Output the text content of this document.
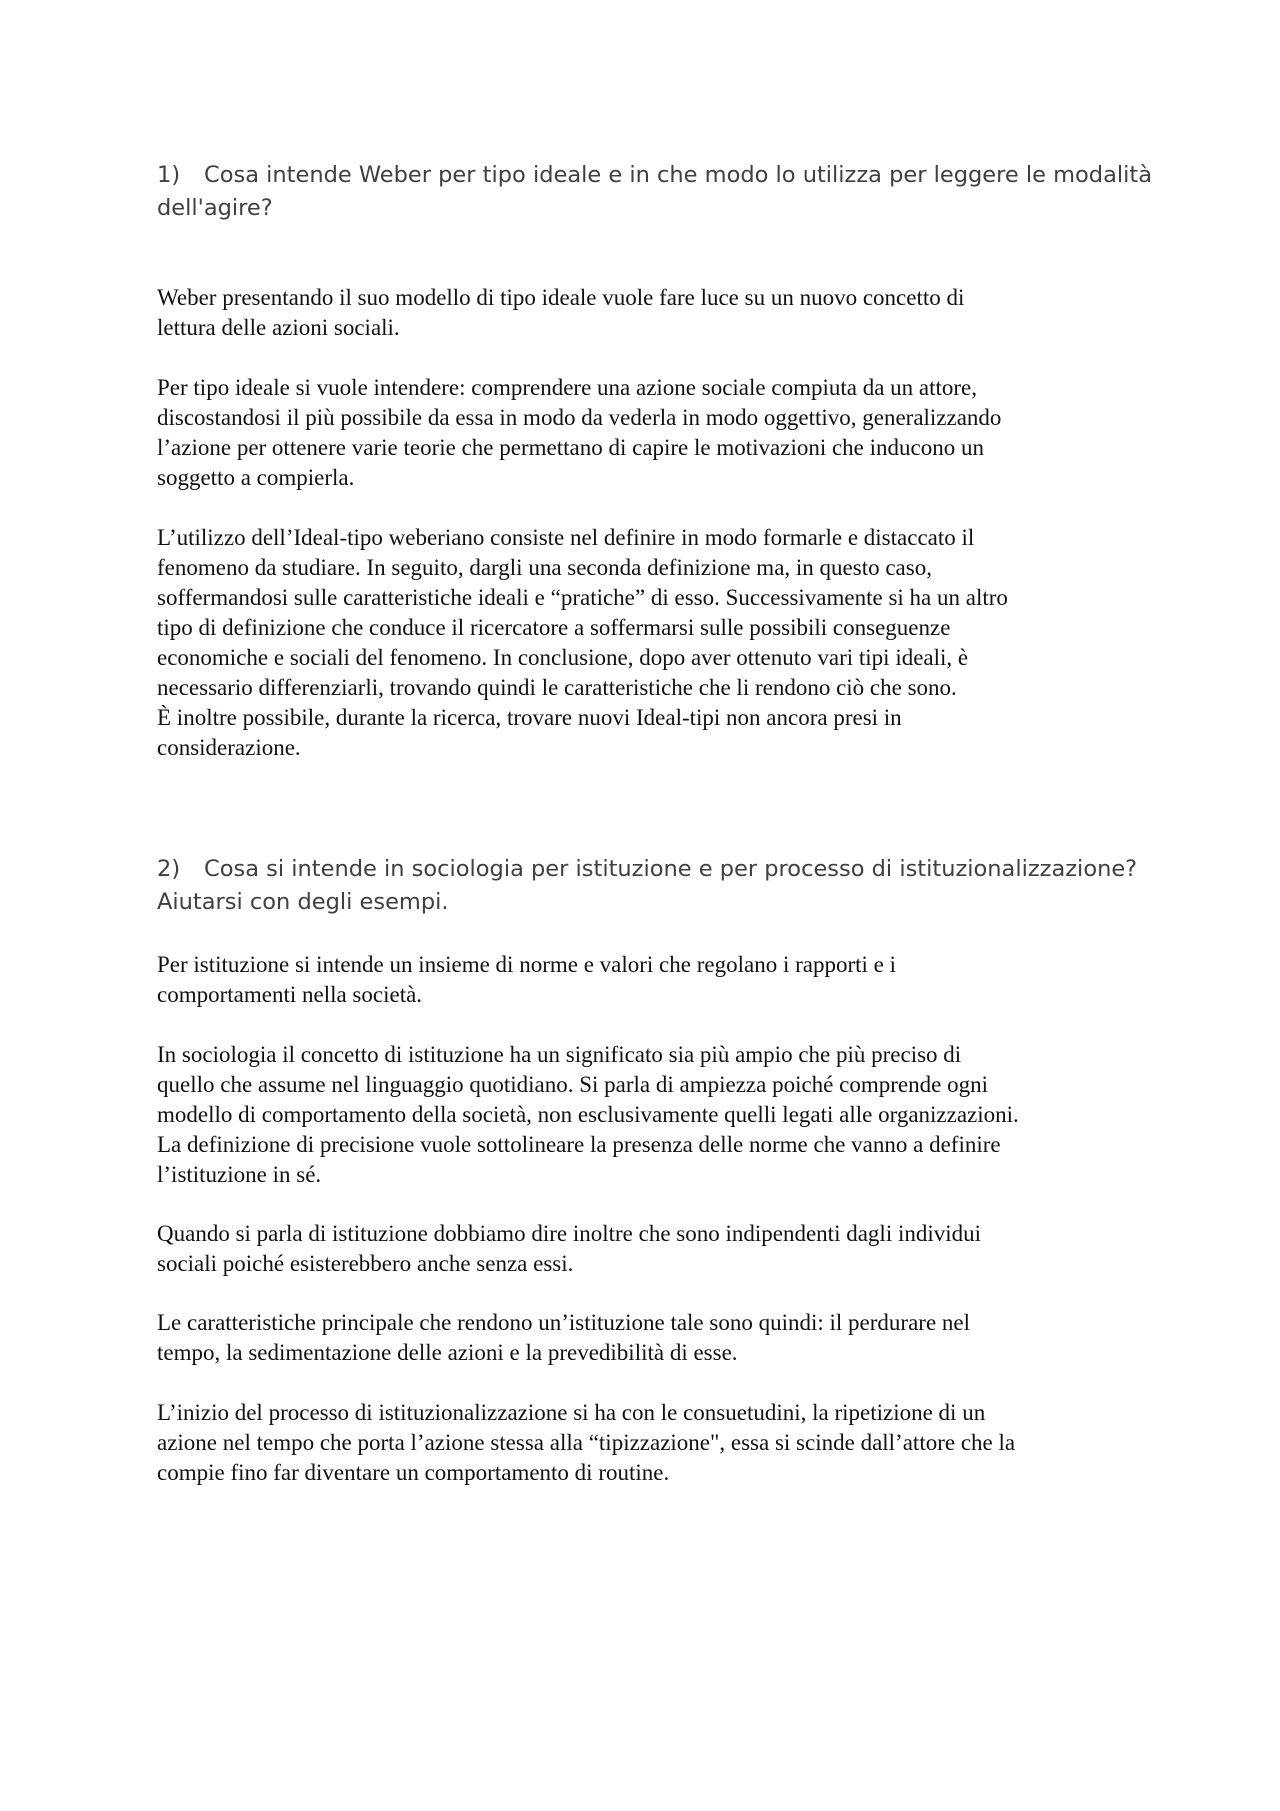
1) Cosa intende Weber per tipo ideale e in che modo lo utilizza per leggere le modalità
dell'agire?
Weber presentando il suo modello di tipo ideale vuole fare luce su un nuovo concetto di
lettura delle azioni sociali.
Per tipo ideale si vuole intendere: comprendere una azione sociale compiuta da un attore,
discostandosi il più possibile da essa in modo da vederla in modo oggettivo, generalizzando
l’azione per ottenere varie teorie che permettano di capire le motivazioni che inducono un
soggetto a compierla.
L’utilizzo dell’Ideal-tipo weberiano consiste nel definire in modo formarle e distaccato il
fenomeno da studiare. In seguito, dargli una seconda definizione ma, in questo caso,
soffermandosi sulle caratteristiche ideali e “pratiche” di esso. Successivamente si ha un altro
tipo di definizione che conduce il ricercatore a soffermarsi sulle possibili conseguenze
economiche e sociali del fenomeno. In conclusione, dopo aver ottenuto vari tipi ideali, è
necessario differenziarli, trovando quindi le caratteristiche che li rendono ciò che sono.
È inoltre possibile, durante la ricerca, trovare nuovi Ideal-tipi non ancora presi in
considerazione.
2) Cosa si intende in sociologia per istituzione e per processo di istituzionalizzazione?
Aiutarsi con degli esempi.
Per istituzione si intende un insieme di norme e valori che regolano i rapporti e i
comportamenti nella società.
In sociologia il concetto di istituzione ha un significato sia più ampio che più preciso di
quello che assume nel linguaggio quotidiano. Si parla di ampiezza poiché comprende ogni
modello di comportamento della società, non esclusivamente quelli legati alle organizzazioni.
La definizione di precisione vuole sottolineare la presenza delle norme che vanno a definire
l’istituzione in sé.
Quando si parla di istituzione dobbiamo dire inoltre che sono indipendenti dagli individui
sociali poiché esisterebbero anche senza essi.
Le caratteristiche principale che rendono un’istituzione tale sono quindi: il perdurare nel
tempo, la sedimentazione delle azioni e la prevedibilità di esse.
L’inizio del processo di istituzionalizzazione si ha con le consuetudini, la ripetizione di un
azione nel tempo che porta l’azione stessa alla “tipizzazione", essa si scinde dall’attore che la
compie fino far diventare un comportamento di routine.
